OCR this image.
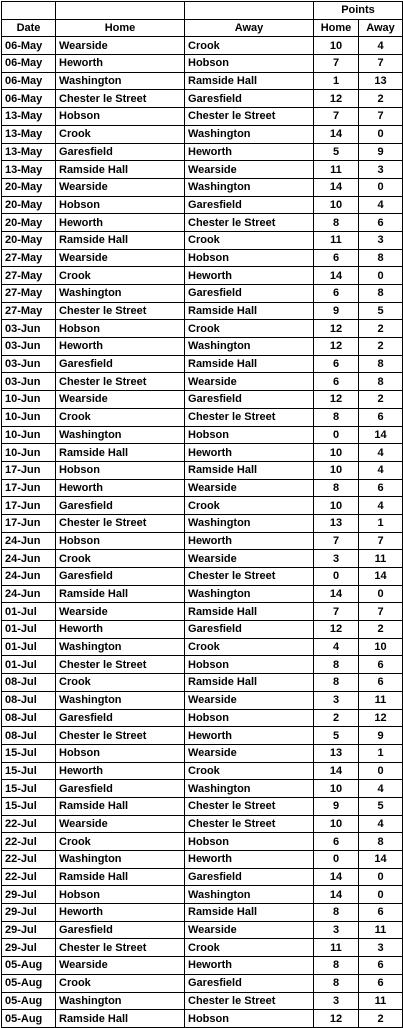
			Points	
Date	Home	Away	Home	Away
06-May	Wearside	Crook	10	4
06-May	Heworth	Hobson	7	7
06-May	Washington	Ramside Hall	1	13
06-May	Chester le Street	Garesfield	12	2
13-May	Hobson	Chester le Street	7	7
13-May	Crook	Washington	14	0
13-May	Garesfield	Heworth	5	9
13-May	Ramside Hall	Wearside	11	3
20-May	Wearside	Washington	14	0
20-May	Hobson	Garesfield	10	4
20-May	Heworth	Chester le Street	8	6
20-May	Ramside Hall	Crook	11	3
27-May	Wearside	Hobson	6	8
27-May	Crook	Heworth	14	0
27-May	Washington	Garesfield	6	8
27-May	Chester le Street	Ramside Hall	9	5
03-Jun	Hobson	Crook	12	2
03-Jun	Heworth	Washington	12	2
03-Jun	Garesfield	Ramside Hall	6	8
03-Jun	Chester le Street	Wearside	6	8
10-Jun	Wearside	Garesfield	12	2
10-Jun	Crook	Chester le Street	8	6
10-Jun	Washington	Hobson	0	14
10-Jun	Ramside Hall	Heworth	10	4
17-Jun	Hobson	Ramside Hall	10	4
17-Jun	Heworth	Wearside	8	6
17-Jun	Garesfield	Crook	10	4
17-Jun	Chester le Street	Washington	13	1
24-Jun	Hobson	Heworth	7	7
24-Jun	Crook	Wearside	3	11
24-Jun	Garesfield	Chester le Street	0	14
24-Jun	Ramside Hall	Washington	14	0
01-Jul	Wearside	Ramside Hall	7	7
01-Jul	Heworth	Garesfield	12	2
01-Jul	Washington	Crook	4	10
01-Jul	Chester le Street	Hobson	8	6
08-Jul	Crook	Ramside Hall	8	6
08-Jul	Washington	Wearside	3	11
08-Jul	Garesfield	Hobson	2	12
08-Jul	Chester le Street	Heworth	5	9
15-Jul	Hobson	Wearside	13	1
15-Jul	Heworth	Crook	14	0
15-Jul	Garesfield	Washington	10	4
15-Jul	Ramside Hall	Chester le Street	9	5
22-Jul	Wearside	Chester le Street	10	4
22-Jul	Crook	Hobson	6	8
22-Jul	Washington	Heworth	0	14
22-Jul	Ramside Hall	Garesfield	14	0
29-Jul	Hobson	Washington	14	0
29-Jul	Heworth	Ramside Hall	8	6
29-Jul	Garesfield	Wearside	3	11
29-Jul	Chester le Street	Crook	11	3
05-Aug	Wearside	Heworth	8	6
05-Aug	Crook	Garesfield	8	6
05-Aug	Washington	Chester le Street	3	11
05-Aug	Ramside Hall	Hobson	12	2
